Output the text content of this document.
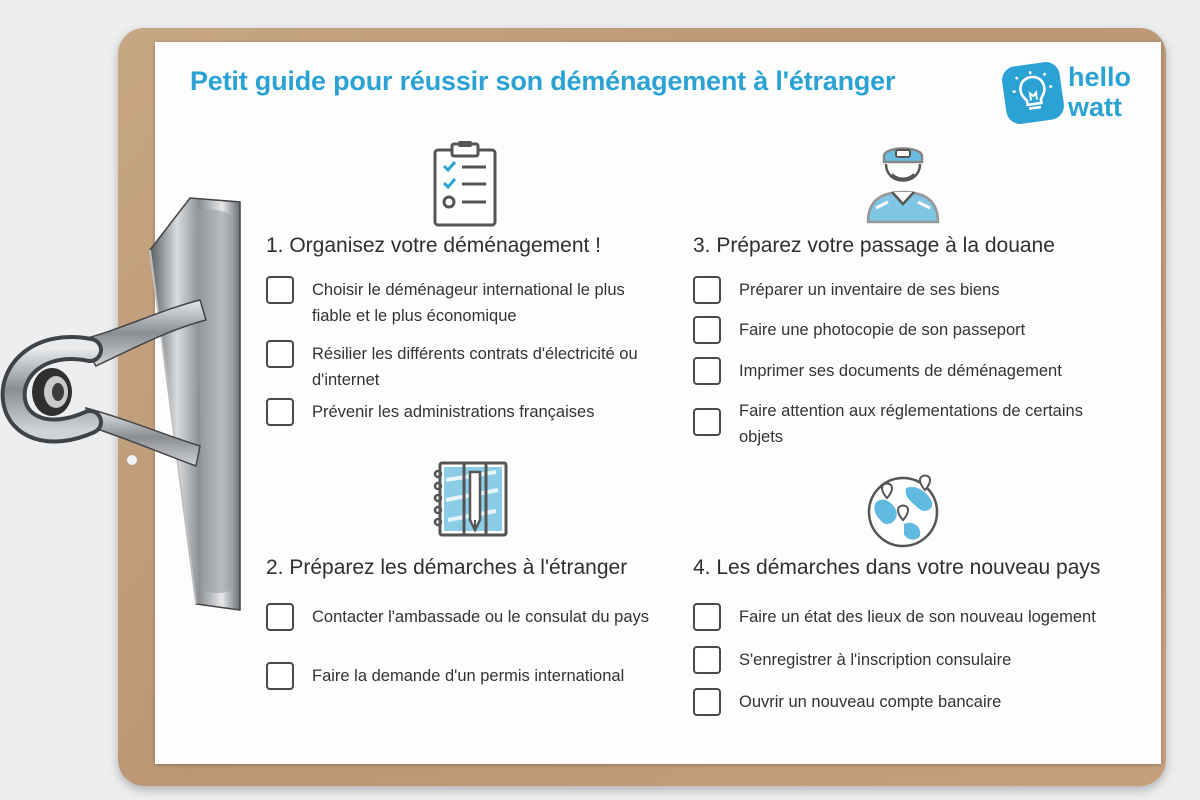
Petit guide pour réussir son déménagement à l'étranger	hello
watt
1. Organisez votre déménagement !
Choisir le déménageur international le plus fiable et le plus économique
Résilier les différents contrats d'électricité ou d'internet
Prévenir les administrations françaises
2. Préparez les démarches à l'étranger
Contacter l'ambassade ou le consulat du pays
Faire la demande d'un permis international
3. Préparez votre passage à la douane
Préparer un inventaire de ses biens
Faire une photocopie de son passeport
Imprimer ses documents de déménagement
Faire attention aux réglementations de certains objets
4. Les démarches dans votre nouveau pays
Faire un état des lieux de son nouveau logement
S'enregistrer à l'inscription consulaire
Ouvrir un nouveau compte bancaire
